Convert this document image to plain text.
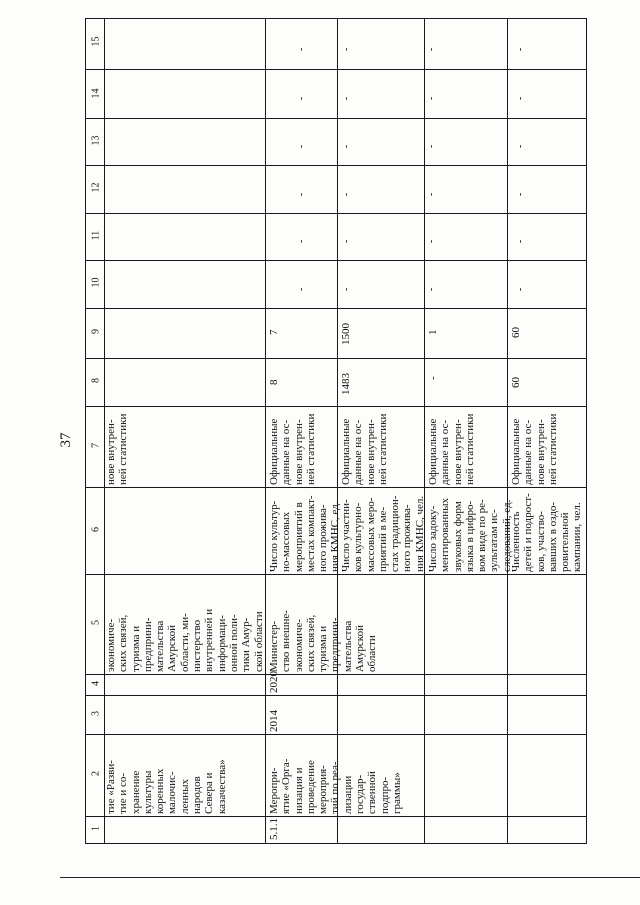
37
15
14
13
12
11
10
9
8
7
6
5
4
3
2
1
тие «Разви-
тие и со-
хранение
культуры
коренных
малочис-
ленных
народов
Севера и
казачества»
экономиче-
ских связей,
туризма и
предприни-
мательства
Амурской
области, ми-
нистерство
внутренней и
информаци-
онной поли-
тики Амур-
ской области
нове внутрен-
ней статистики
5.1.1
Меропри-
ятие «Орга-
низация и
проведение
мероприя-
тий по реа-
лизации
государ-
ственной
подпро-
граммы»
2014
2020
Министер-
ство внешне-
экономиче-
ских связей,
туризма и
предприни-
мательства
Амурской
области
Число культур-
но-массовых
мероприятий в
местах компакт-
ного прожива-
ния КМНС, ед.
Официальные
данные на ос-
нове внутрен-
ней статистики
8
7
Число участни-
ков культурно-
массовых меро-
приятий в ме-
стах традицион-
ного прожива-
ния КМНС, чел.
Официальные
данные на ос-
нове внутрен-
ней статистики
1483
1500
Число задоку-
ментированных
звуковых форм
языка в цифро-
вом виде по ре-
зультатам ис-
следований, ед.
Официальные
данные на ос-
нове внутрен-
ней статистики
-
1
Численность
детей и подрост-
ков, участво-
вавших в оздо-
ровительной
кампании, чел.
Официальные
данные на ос-
нове внутрен-
ней статистики
60
60
-
-
-
-
-
-
-
-
-
-
-
-
-
-
-
-
-
-
-
-
-
-
-
-
